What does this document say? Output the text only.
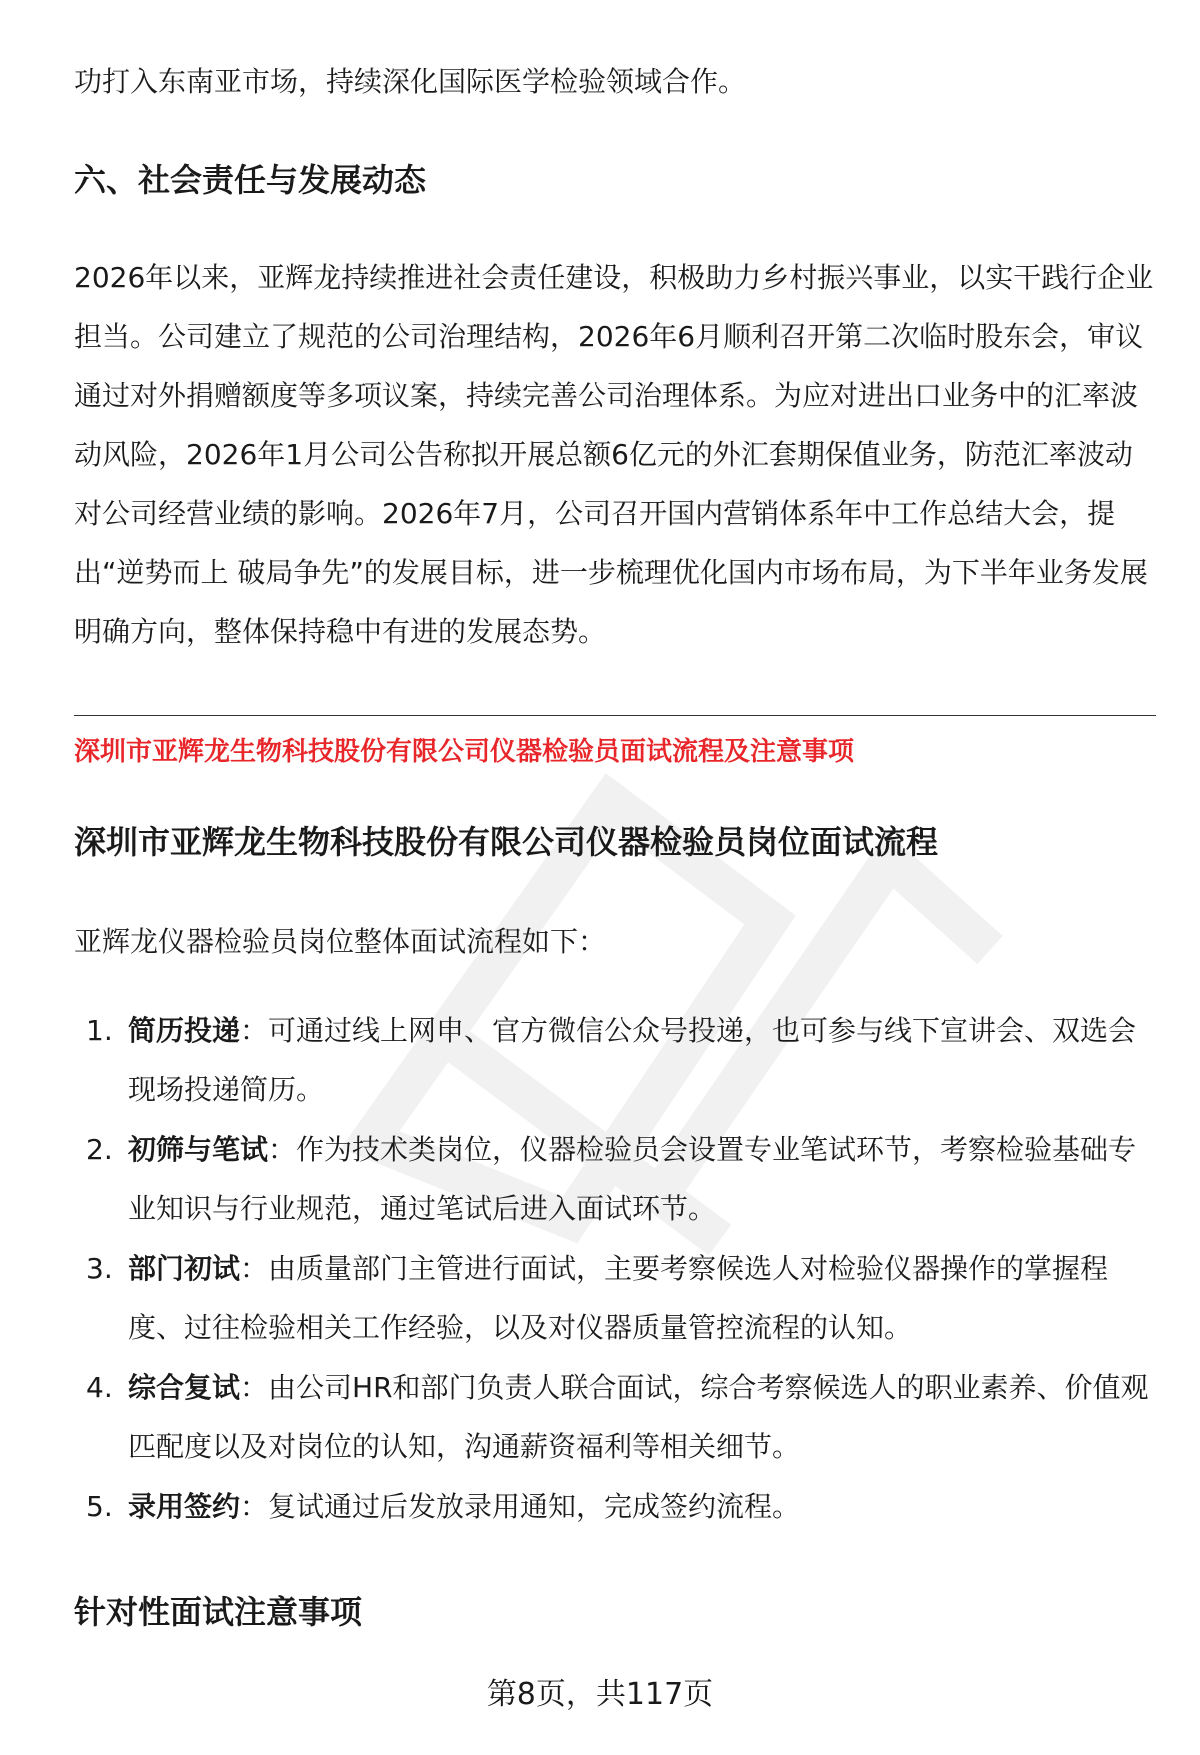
功打入东南亚市场，持续深化国际医学检验领域合作。

六、社会责任与发展动态

2026年以来，亚辉龙持续推进社会责任建设，积极助力乡村振兴事业，以实干践行企业担当。公司建立了规范的公司治理结构，2026年6月顺利召开第二次临时股东会，审议通过对外捐赠额度等多项议案，持续完善公司治理体系。为应对进出口业务中的汇率波动风险，2026年1月公司公告称拟开展总额6亿元的外汇套期保值业务，防范汇率波动对公司经营业绩的影响。2026年7月，公司召开国内营销体系年中工作总结大会，提出“逆势而上 破局争先”的发展目标，进一步梳理优化国内市场布局，为下半年业务发展明确方向，整体保持稳中有进的发展态势。

深圳市亚辉龙生物科技股份有限公司仪器检验员面试流程及注意事项

深圳市亚辉龙生物科技股份有限公司仪器检验员岗位面试流程

亚辉龙仪器检验员岗位整体面试流程如下：

1. 简历投递：可通过线上网申、官方微信公众号投递，也可参与线下宣讲会、双选会现场投递简历。
2. 初筛与笔试：作为技术类岗位，仪器检验员会设置专业笔试环节，考察检验基础专业知识与行业规范，通过笔试后进入面试环节。
3. 部门初试：由质量部门主管进行面试，主要考察候选人对检验仪器操作的掌握程度、过往检验相关工作经验，以及对仪器质量管控流程的认知。
4. 综合复试：由公司HR和部门负责人联合面试，综合考察候选人的职业素养、价值观匹配度以及对岗位的认知，沟通薪资福利等相关细节。
5. 录用签约：复试通过后发放录用通知，完成签约流程。
针对性面试注意事项

第8页，共117页
